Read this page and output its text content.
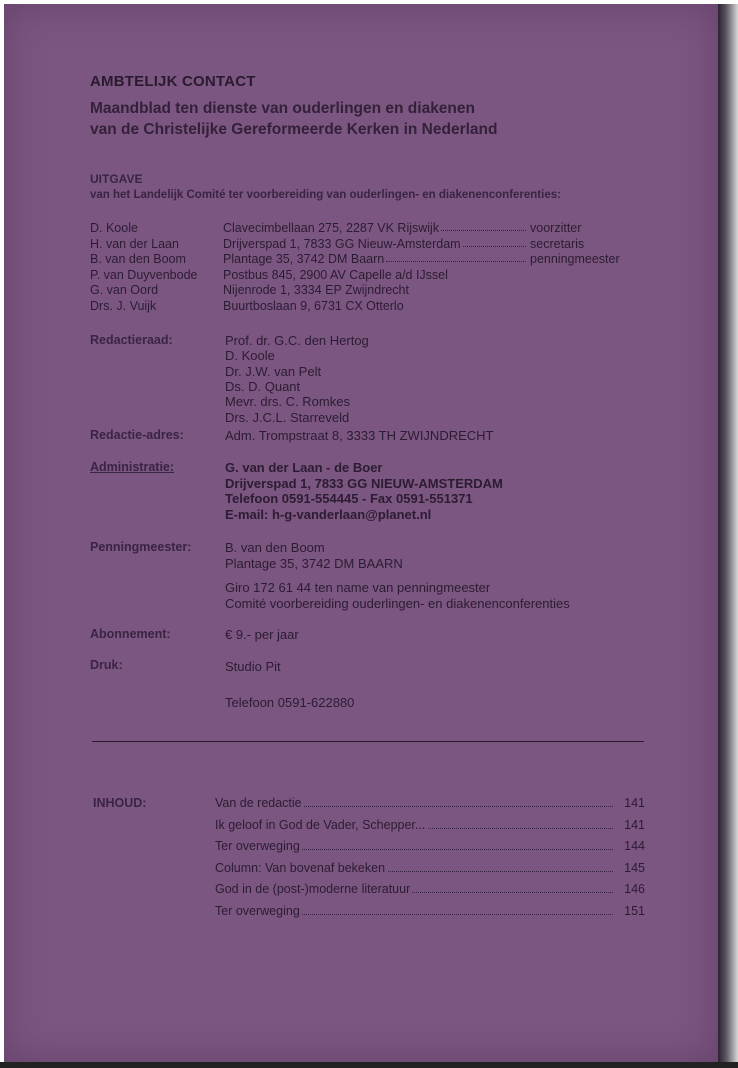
AMBTELIJK CONTACT
Maandblad ten dienste van ouderlingen en diakenen
van de Christelijke Gereformeerde Kerken in Nederland
UITGAVE
van het Landelijk Comité ter voorbereiding van ouderlingen- en diakenenconferenties:
D. Koole	Clavecimbellaan 275, 2287 VK Rijswijk	voorzitter
H. van der Laan	Drijverspad 1, 7833 GG Nieuw-Amsterdam	secretaris
B. van den Boom	Plantage 35, 3742 DM Baarn	penningmeester
P. van Duyvenbode Postbus 845, 2900 AV Capelle a/d IJssel
G. van Oord	Nijenrode 1, 3334 EP Zwijndrecht
Drs. J. Vuijk	Buurtboslaan 9, 6731 CX Otterlo
Redactieraad:	Prof. dr. G.C. den Hertog
D. Koole
Dr. J.W. van Pelt
Ds. D. Quant
Mevr. drs. C. Romkes
Drs. J.C.L. Starreveld
Redactie-adres:	Adm. Trompstraat 8, 3333 TH ZWIJNDRECHT
Administratie:	G. van der Laan - de Boer
Drijverspad 1, 7833 GG NIEUW-AMSTERDAM
Telefoon 0591-554445 - Fax 0591-551371
E-mail: h-g-vanderlaan@planet.nl
Penningmeester:	B. van den Boom
Plantage 35, 3742 DM BAARN
Giro 172 61 44 ten name van penningmeester
Comité voorbereiding ouderlingen- en diakenenconferenties
Abonnement:	€ 9.- per jaar
Druk:	Studio Pit
Telefoon 0591-622880
INHOUD:	Van de redactie	141
Ik geloof in God de Vader, Schepper...	141
Ter overweging	144
Column: Van bovenaf bekeken	145
God in de (post-)moderne literatuur	146
Ter overweging	151
